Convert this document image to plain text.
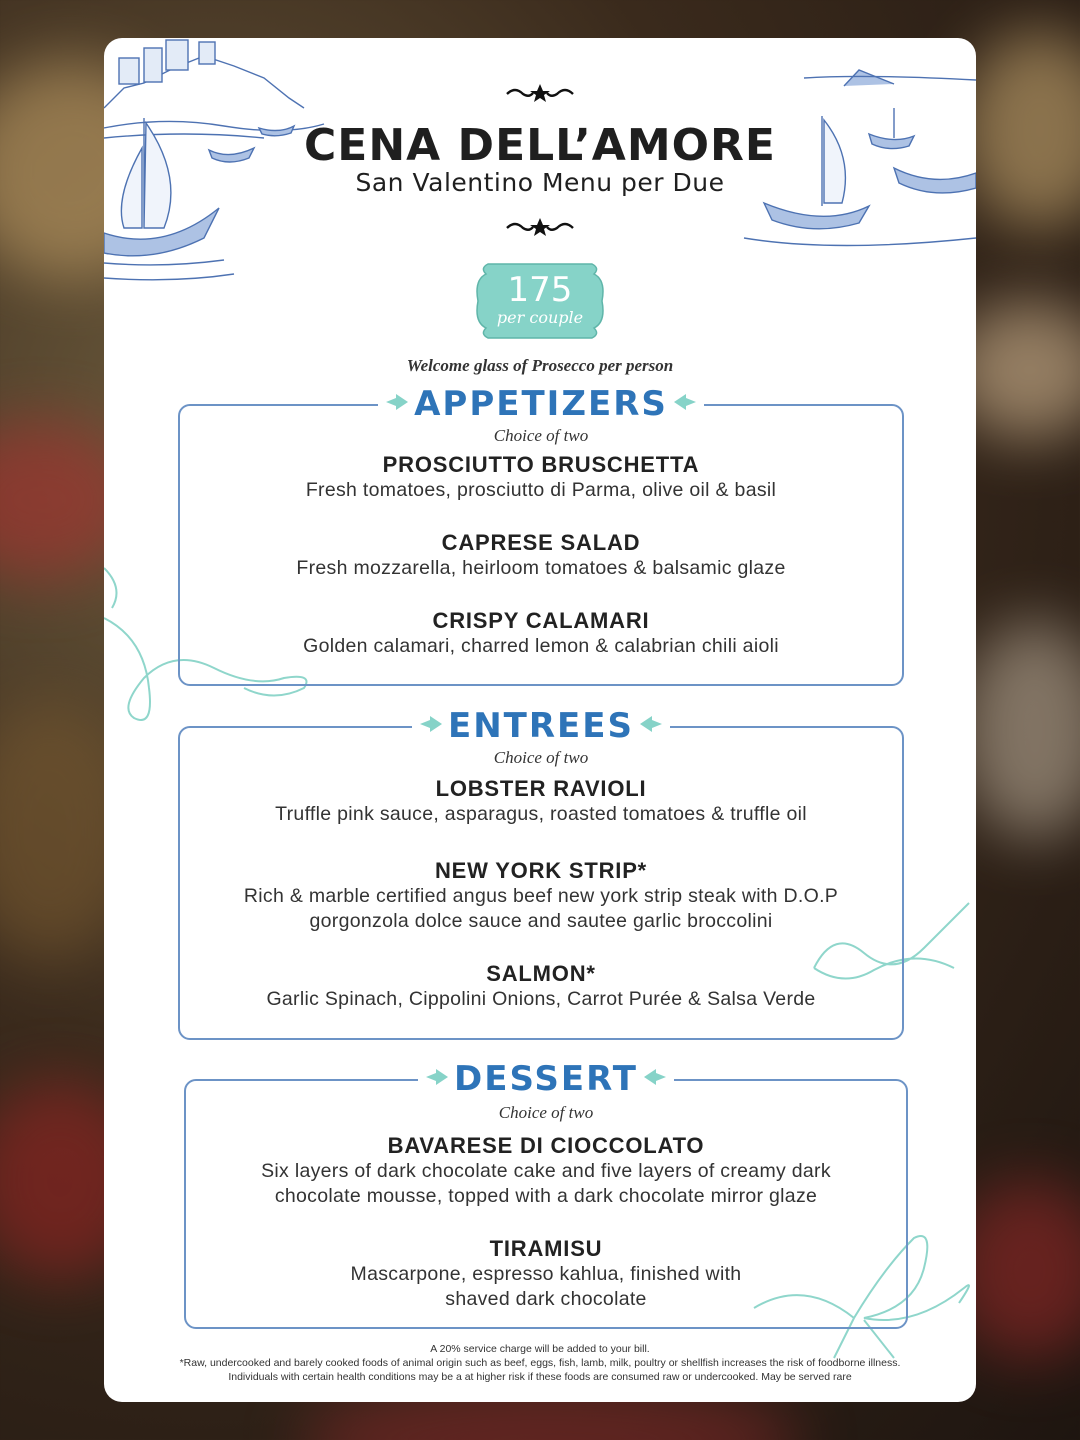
CENA DELL’AMORE
San Valentino Menu per Due
175
per couple
Welcome glass of Prosecco per person
APPETIZERS
Choice of two
PROSCIUTTO BRUSCHETTA
Fresh tomatoes, prosciutto di Parma, olive oil & basil
CAPRESE SALAD
Fresh mozzarella, heirloom tomatoes & balsamic glaze
CRISPY CALAMARI
Golden calamari, charred lemon & calabrian chili aioli
ENTREES
Choice of two
LOBSTER RAVIOLI
Truffle pink sauce, asparagus, roasted tomatoes & truffle oil
NEW YORK STRIP*
Rich & marble certified angus beef new york strip steak with D.O.P
gorgonzola dolce sauce and sautee garlic broccolini
SALMON*
Garlic Spinach, Cippolini Onions, Carrot Purée & Salsa Verde
DESSERT
Choice of two
BAVARESE DI CIOCCOLATO
Six layers of dark chocolate cake and five layers of creamy dark
chocolate mousse, topped with a dark chocolate mirror glaze
TIRAMISU
Mascarpone, espresso kahlua, finished with
shaved dark chocolate
A 20% service charge will be added to your bill.
*Raw, undercooked and barely cooked foods of animal origin such as beef, eggs, fish, lamb, milk, poultry or shellfish increases the risk of foodborne illness.
Individuals with certain health conditions may be a at higher risk if these foods are consumed raw or undercooked. May be served rare
